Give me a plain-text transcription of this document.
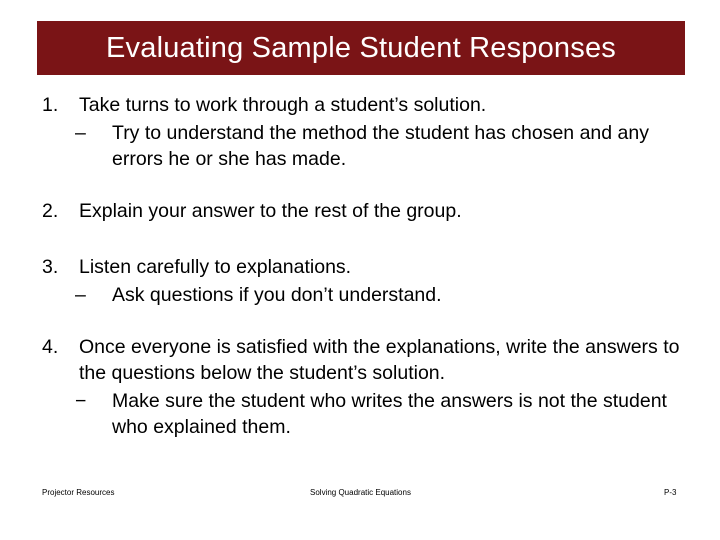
Evaluating Sample Student Responses
1. Take turns to work through a student’s solution.
– Try to understand the method the student has chosen and any errors he or she has made.
2. Explain your answer to the rest of the group.
3. Listen carefully to explanations.
– Ask questions if you don’t understand.
4. Once everyone is satisfied with the explanations, write the answers to the questions below the student’s solution.
− Make sure the student who writes the answers is not the student who explained them.
Projector Resources	Solving Quadratic Equations	P-3
